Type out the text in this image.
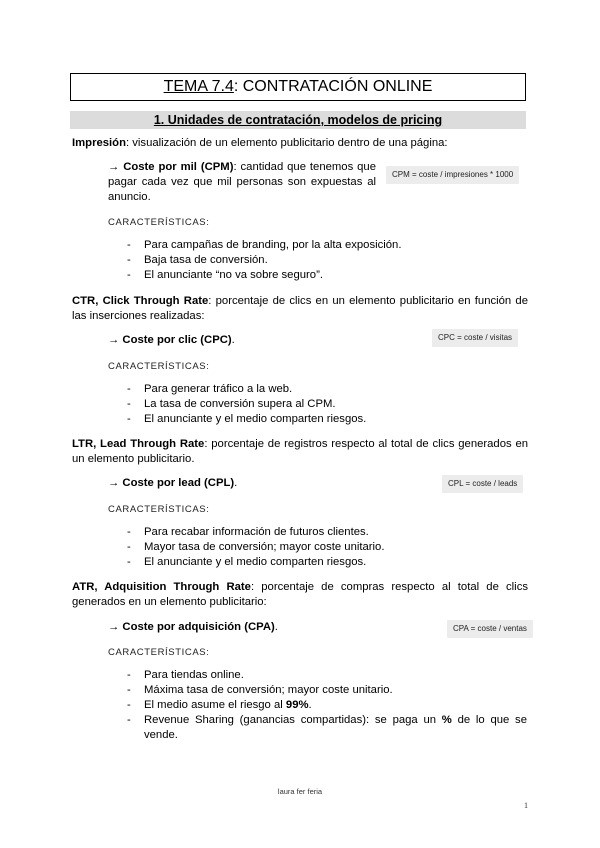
TEMA 7.4: CONTRATACIÓN ONLINE
1. Unidades de contratación, modelos de pricing
Impresión: visualización de un elemento publicitario dentro de una página:
→ Coste por mil (CPM): cantidad que tenemos que pagar cada vez que mil personas son expuestas al anuncio.
CPM = coste / impresiones * 1000
CARACTERÍSTICAS:
- Para campañas de branding, por la alta exposición.
- Baja tasa de conversión.
- El anunciante “no va sobre seguro”.
CTR, Click Through Rate: porcentaje de clics en un elemento publicitario en función de las inserciones realizadas:
→ Coste por clic (CPC).	CPC = coste / visitas
CARACTERÍSTICAS:
- Para generar tráfico a la web.
- La tasa de conversión supera al CPM.
- El anunciante y el medio comparten riesgos.
LTR, Lead Through Rate: porcentaje de registros respecto al total de clics generados en un elemento publicitario.
→ Coste por lead (CPL).	CPL = coste / leads
CARACTERÍSTICAS:
- Para recabar información de futuros clientes.
- Mayor tasa de conversión; mayor coste unitario.
- El anunciante y el medio comparten riesgos.
ATR, Adquisition Through Rate: porcentaje de compras respecto al total de clics generados en un elemento publicitario:
→ Coste por adquisición (CPA).	CPA = coste / ventas
CARACTERÍSTICAS:
- Para tiendas online.
- Máxima tasa de conversión; mayor coste unitario.
- El medio asume el riesgo al 99%.
- Revenue Sharing (ganancias compartidas): se paga un % de lo que se vende.
laura fer feria
1
